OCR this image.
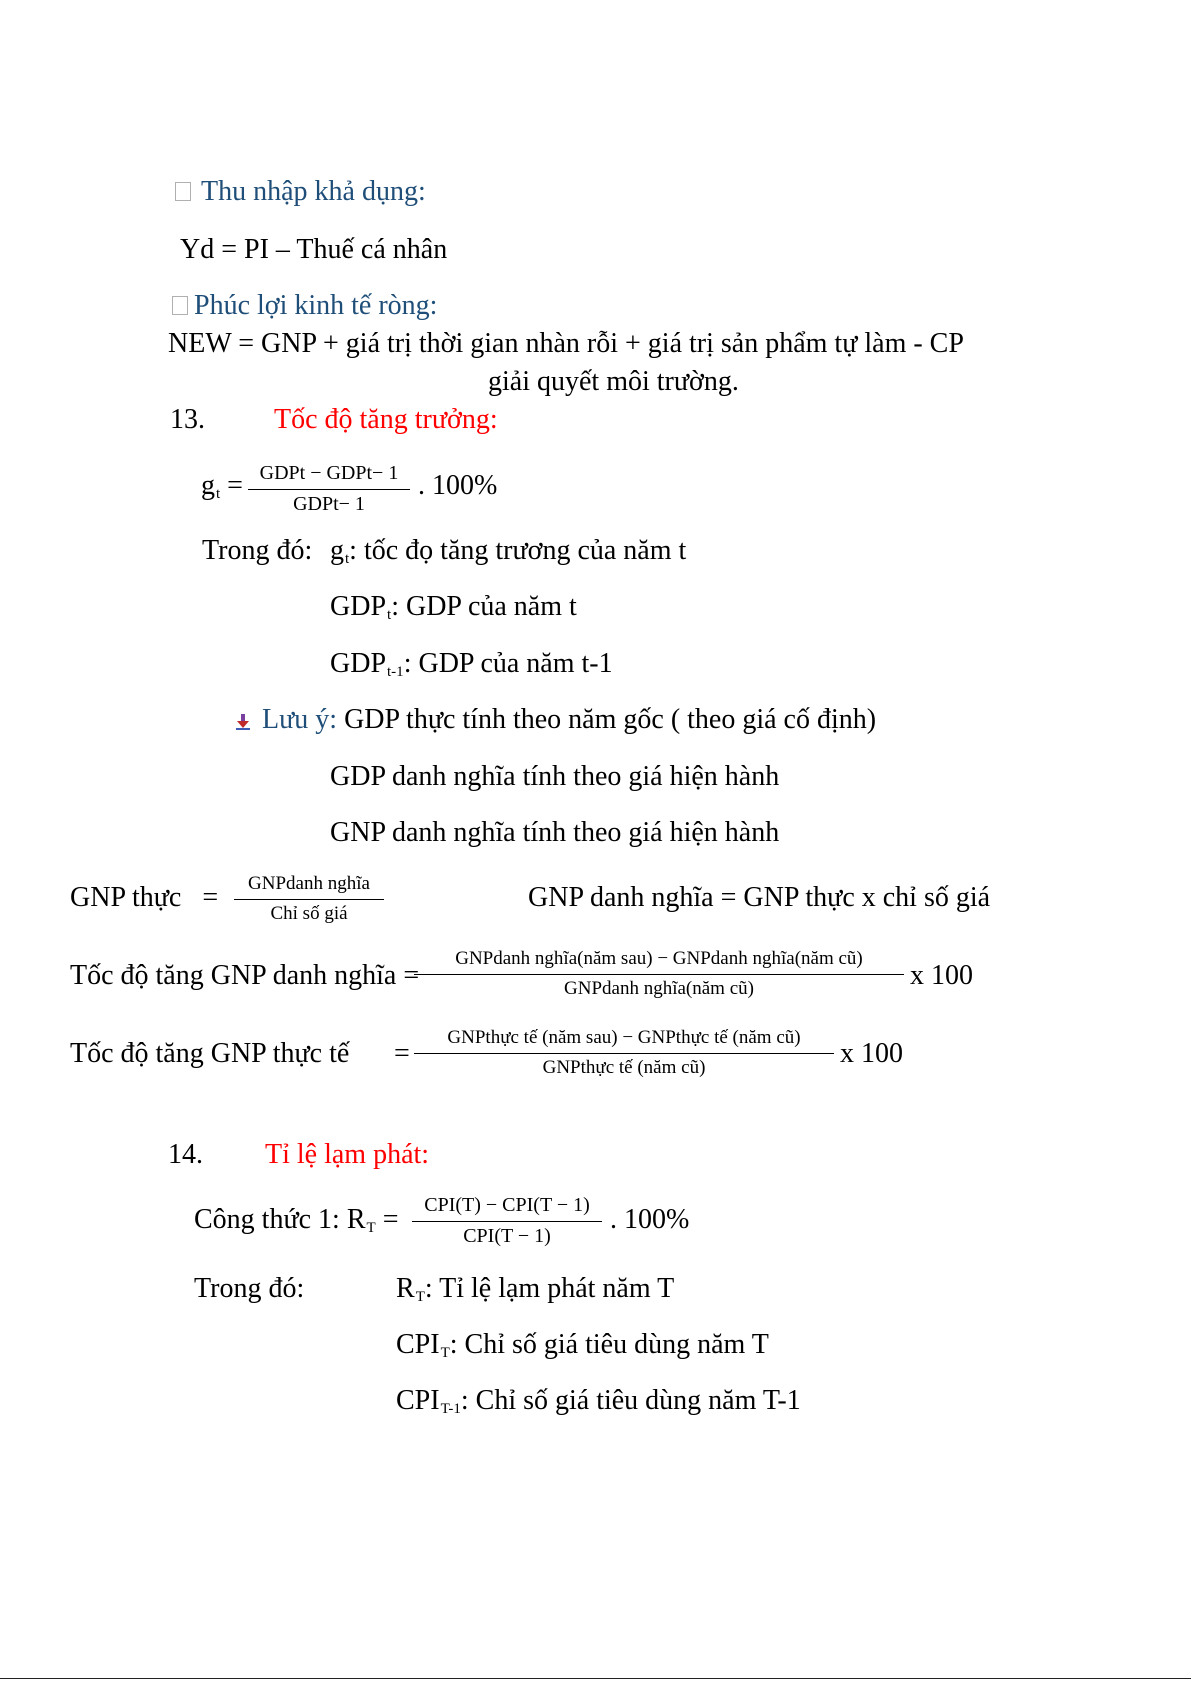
Thu nhập khả dụng:
Yd = PI – Thuế cá nhân
Phúc lợi kinh tế ròng:
NEW = GNP + giá trị thời gian nhàn rỗi + giá trị sản phẩm tự làm - CP
giải quyết môi trường.
13. Tốc độ tăng trưởng:
$g_t$ = GDPt − GDPt− 1
GDPt− 1
. 100%
Trong đó: $g_t$: tốc đọ tăng trương của năm t
$GDP_t$: GDP của năm t
$GDP_{t-1}$: GDP của năm t-1
Lưu ý: GDP thực tính theo năm gốc ( theo giá cố định)
GDP danh nghĩa tính theo giá hiện hành
GNP danh nghĩa tính theo giá hiện hành
GNP thực =	GNPdanh nghĩa
Chỉ số giá
GNP danh nghĩa = GNP thực x chỉ số giá
Tốc độ tăng GNP danh nghĩa =
GNPdanh nghĩa(năm sau) − GNPdanh nghĩa(năm cũ)
GNPdanh nghĩa(năm cũ)	x 100
Tốc độ tăng GNP thực tế =
GNPthực tế (năm sau) − GNPthực tế (năm cũ)
GNPthực tế (năm cũ)	x 100
14. Tỉ lệ lạm phát:
Công thức 1: $R_T$ =	CPI(T) − CPI(T − 1)
CPI(T − 1)
. 100%
Trong đó:	$R_T$: Tỉ lệ lạm phát năm T
$CPI_T$: Chỉ số giá tiêu dùng năm T
$CPI_{T-1}$: Chỉ số giá tiêu dùng năm T-1
